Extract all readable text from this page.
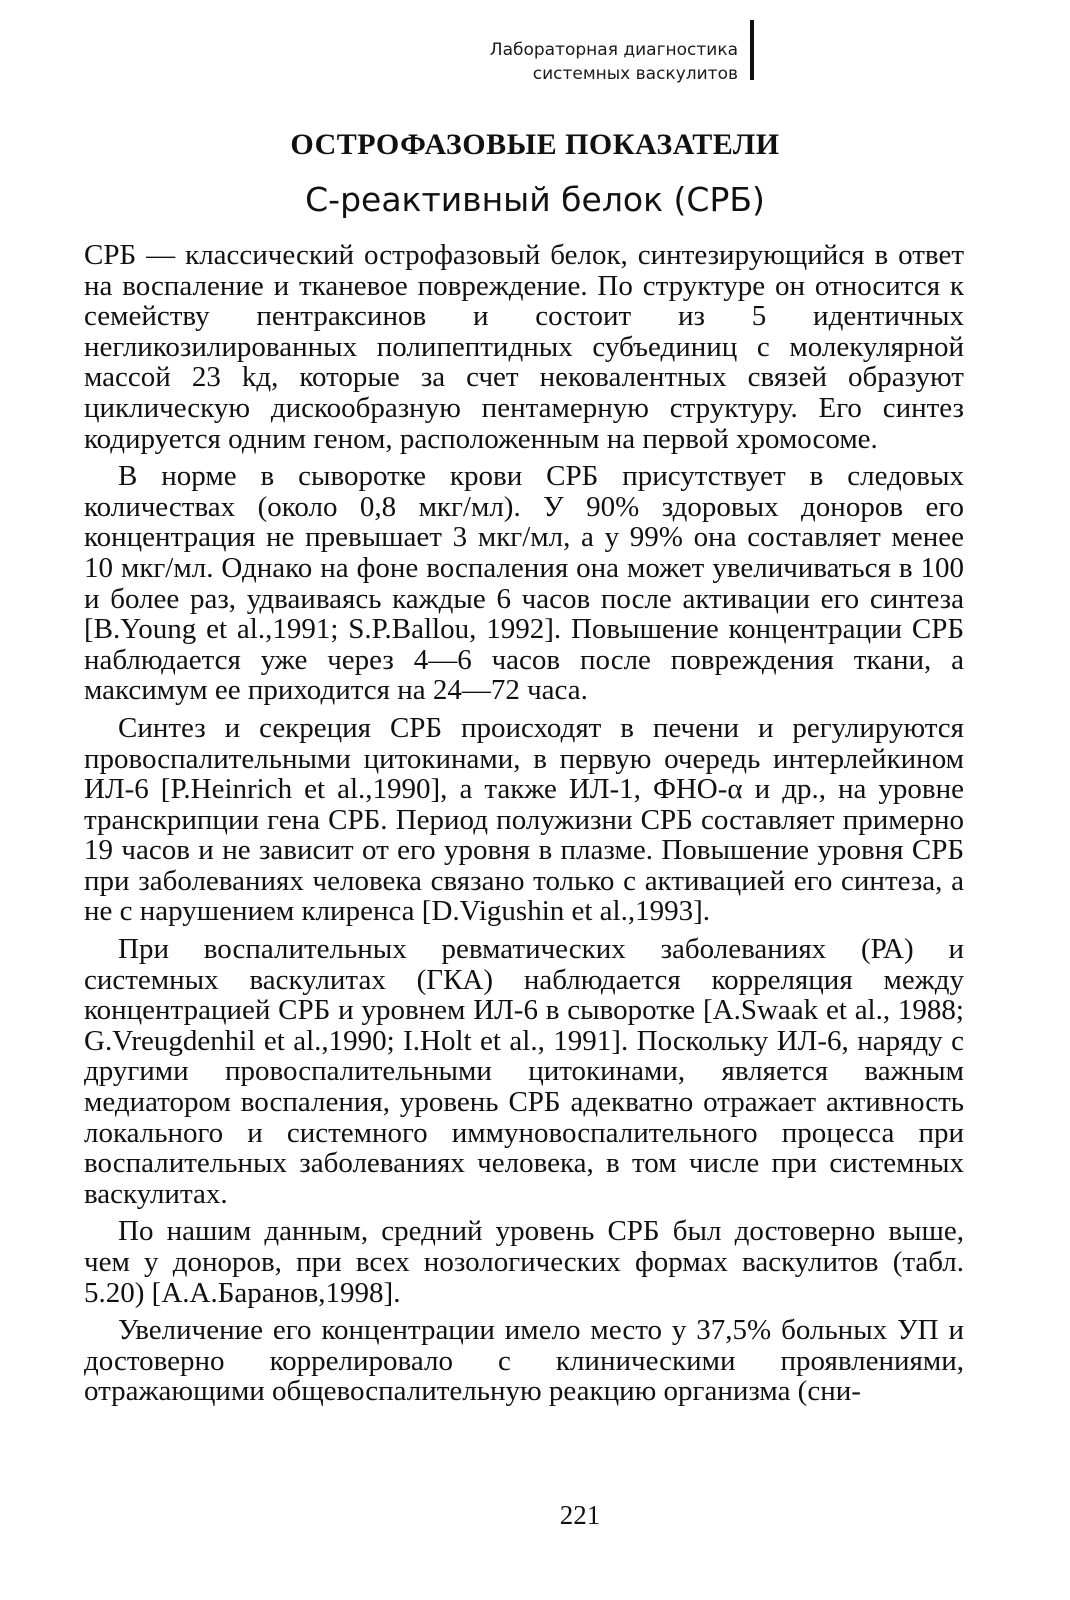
Лабораторная диагностика
системных васкулитов
ОСТРОФАЗОВЫЕ ПОКАЗАТЕЛИ
С-реактивный белок (СРБ)

СРБ — классический острофазовый белок, синтезирующийся в ответ на воспаление и тканевое повреждение. По структуре он относится к семейству пентраксинов и состоит из 5 идентичных негликозилированных полипептидных субъединиц с молекулярной массой 23 kд, которые за счет нековалентных связей образуют циклическую дискообразную пентамерную структуру. Его синтез кодируется одним геном, расположенным на первой хромосоме.

В норме в сыворотке крови СРБ присутствует в следовых количествах (около 0,8 мкг/мл). У 90% здоровых доноров его концентрация не превышает 3 мкг/мл, а у 99% она составляет менее 10 мкг/мл. Однако на фоне воспаления она может увеличиваться в 100 и более раз, удваиваясь каждые 6 часов после активации его синтеза [B.Young et al.,1991; S.P.Ballou, 1992]. Повышение концентрации СРБ наблюдается уже через 4—6 часов после повреждения ткани, а максимум ее приходится на 24—72 часа.

Синтез и секреция СРБ происходят в печени и регулируются провоспалительными цитокинами, в первую очередь интерлейкином ИЛ-6 [P.Heinrich et al.,1990], а также ИЛ-1, ФНО-α и др., на уровне транскрипции гена СРБ. Период полужизни СРБ составляет примерно 19 часов и не зависит от его уровня в плазме. Повышение уровня СРБ при заболеваниях человека связано только с активацией его синтеза, а не с нарушением клиренса [D.Vigushin et al.,1993].

При воспалительных ревматических заболеваниях (РА) и системных васкулитах (ГКА) наблюдается корреляция между концентрацией СРБ и уровнем ИЛ-6 в сыворотке [A.Swaak et al., 1988; G.Vreugdenhil et al.,1990; I.Holt et al., 1991]. Поскольку ИЛ-6, наряду с другими провоспалительными цитокинами, является важным медиатором воспаления, уровень СРБ адекватно отражает активность локального и системного иммуновоспалительного процесса при воспалительных заболеваниях человека, в том числе при системных васкулитах.

По нашим данным, средний уровень СРБ был достоверно выше, чем у доноров, при всех нозологических формах васкулитов (табл. 5.20) [А.А.Баранов,1998].

Увеличение его концентрации имело место у 37,5% больных УП и достоверно коррелировало с клиническими проявлениями, отражающими общевоспалительную реакцию организма (сни-

221
